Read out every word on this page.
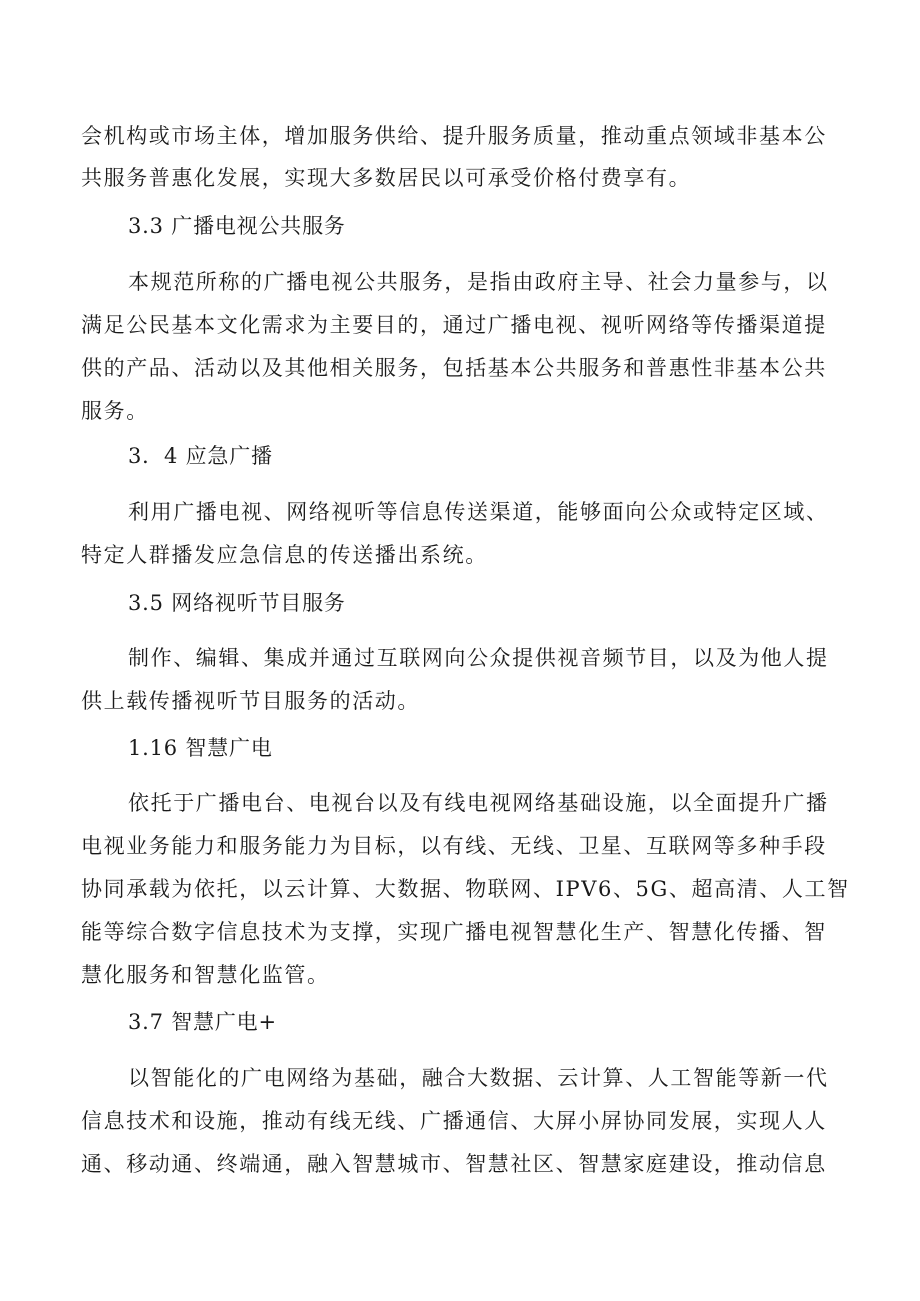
会机构或市场主体，增加服务供给、提升服务质量，推动重点领域非基本公
共服务普惠化发展，实现大多数居民以可承受价格付费享有。
3.3 广播电视公共服务
本规范所称的广播电视公共服务，是指由政府主导、社会力量参与，以
满足公民基本文化需求为主要目的，通过广播电视、视听网络等传播渠道提
供的产品、活动以及其他相关服务，包括基本公共服务和普惠性非基本公共
服务。
3．4 应急广播
利用广播电视、网络视听等信息传送渠道，能够面向公众或特定区域、
特定人群播发应急信息的传送播出系统。
3.5 网络视听节目服务
制作、编辑、集成并通过互联网向公众提供视音频节目，以及为他人提
供上载传播视听节目服务的活动。
1.16 智慧广电
依托于广播电台、电视台以及有线电视网络基础设施，以全面提升广播
电视业务能力和服务能力为目标，以有线、无线、卫星、互联网等多种手段
协同承载为依托，以云计算、大数据、物联网、IPV6、5G、超高清、人工智
能等综合数字信息技术为支撑，实现广播电视智慧化生产、智慧化传播、智
慧化服务和智慧化监管。
3.7 智慧广电+
以智能化的广电网络为基础，融合大数据、云计算、人工智能等新一代
信息技术和设施，推动有线无线、广播通信、大屏小屏协同发展，实现人人
通、移动通、终端通，融入智慧城市、智慧社区、智慧家庭建设，推动信息
